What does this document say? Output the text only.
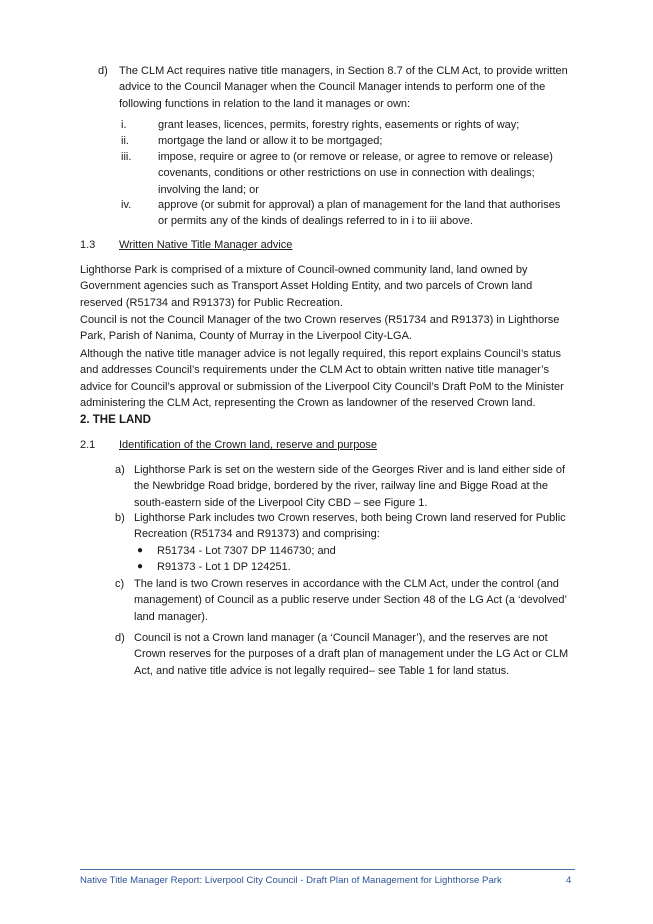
d) The CLM Act requires native title managers, in Section 8.7 of the CLM Act, to provide written
advice to the Council Manager when the Council Manager intends to perform one of the
following functions in relation to the land it manages or own:
i.	grant leases, licences, permits, forestry rights, easements or rights of way;
ii.	mortgage the land or allow it to be mortgaged;
iii. impose, require or agree to (or remove or release, or agree to remove or release)
covenants, conditions or other restrictions on use in connection with dealings;
involving the land; or
iv. approve (or submit for approval) a plan of management for the land that authorises
or permits any of the kinds of dealings referred to in i to iii above.
1.3 Written Native Title Manager advice
Lighthorse Park is comprised of a mixture of Council-owned community land, land owned by
Government agencies such as Transport Asset Holding Entity, and two parcels of Crown land
reserved (R51734 and R91373) for Public Recreation.
Council is not the Council Manager of the two Crown reserves (R51734 and R91373) in Lighthorse
Park, Parish of Nanima, County of Murray in the Liverpool City-LGA.
Although the native title manager advice is not legally required, this report explains Council’s status
and addresses Council’s requirements under the CLM Act to obtain written native title manager’s
advice for Council’s approval or submission of the Liverpool City Council’s Draft PoM to the Minister
administering the CLM Act, representing the Crown as landowner of the reserved Crown land.
2. THE LAND
2.1 Identification of the Crown land, reserve and purpose
a) Lighthorse Park is set on the western side of the Georges River and is land either side of
the Newbridge Road bridge, bordered by the river, railway line and Bigge Road at the
south-eastern side of the Liverpool City CBD – see Figure 1.
b) Lighthorse Park includes two Crown reserves, both being Crown land reserved for Public
Recreation (R51734 and R91373) and comprising:
● R51734 - Lot 7307 DP 1146730; and
● R91373 - Lot 1 DP 124251.
c) The land is two Crown reserves in accordance with the CLM Act, under the control (and
management) of Council as a public reserve under Section 48 of the LG Act (a ‘devolved’
land manager).
d) Council is not a Crown land manager (a ‘Council Manager’), and the reserves are not
Crown reserves for the purposes of a draft plan of management under the LG Act or CLM
Act, and native title advice is not legally required– see Table 1 for land status.
Native Title Manager Report: Liverpool City Council - Draft Plan of Management for Lighthorse Park	4
